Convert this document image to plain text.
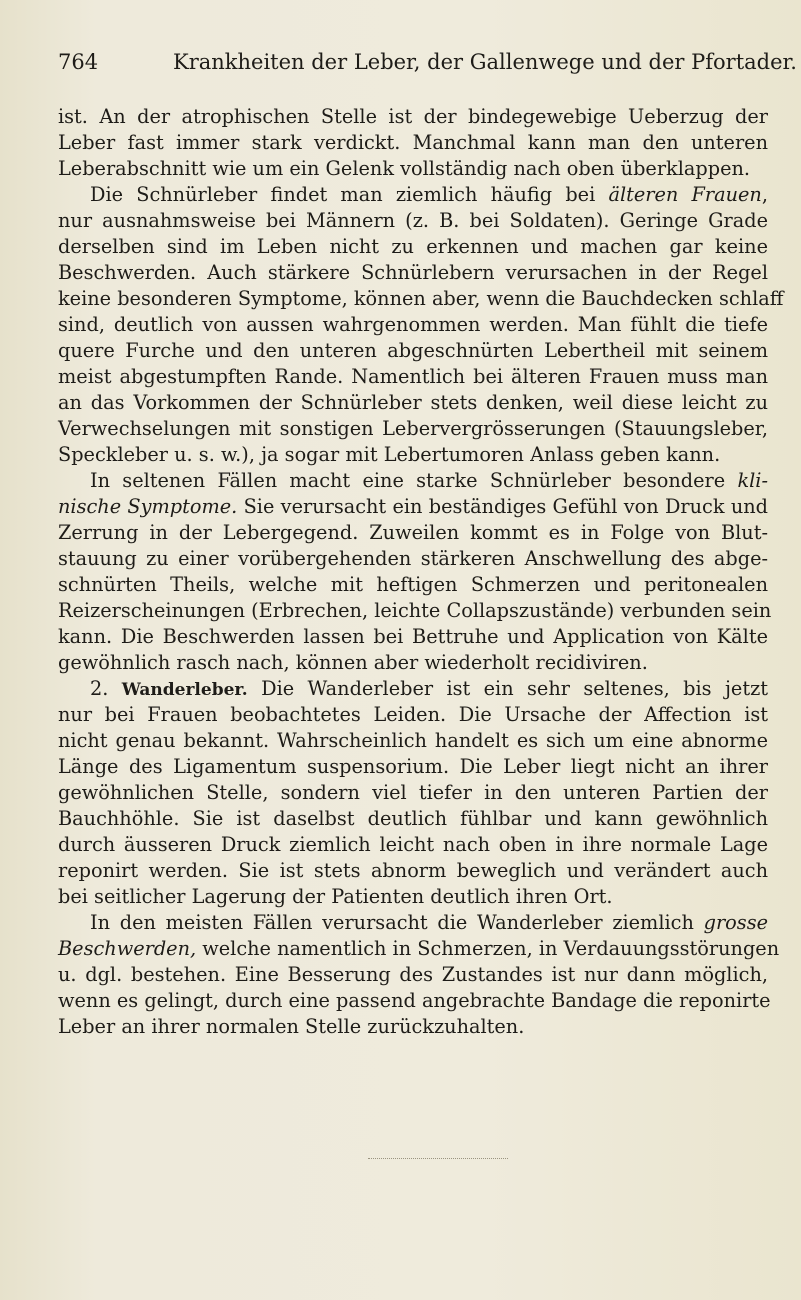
764	Krankheiten der Leber, der Gallenwege und der Pfortader.
ist. An der atrophischen Stelle ist der bindegewebige Ueberzug der
Leber fast immer stark verdickt. Manchmal kann man den unteren
Leberabschnitt wie um ein Gelenk vollständig nach oben überklappen.
Die Schnürleber findet man ziemlich häufig bei älteren Frauen,
nur ausnahmsweise bei Männern (z. B. bei Soldaten). Geringe Grade
derselben sind im Leben nicht zu erkennen und machen gar keine
Beschwerden. Auch stärkere Schnürlebern verursachen in der Regel
keine besonderen Symptome, können aber, wenn die Bauchdecken schlaff
sind, deutlich von aussen wahrgenommen werden. Man fühlt die tiefe
quere Furche und den unteren abgeschnürten Lebertheil mit seinem
meist abgestumpften Rande. Namentlich bei älteren Frauen muss man
an das Vorkommen der Schnürleber stets denken, weil diese leicht zu
Verwechselungen mit sonstigen Lebervergrösserungen (Stauungsleber,
Speckleber u. s. w.), ja sogar mit Lebertumoren Anlass geben kann.
In seltenen Fällen macht eine starke Schnürleber besondere kli-
nische Symptome. Sie verursacht ein beständiges Gefühl von Druck und
Zerrung in der Lebergegend. Zuweilen kommt es in Folge von Blut-
stauung zu einer vorübergehenden stärkeren Anschwellung des abge-
schnürten Theils, welche mit heftigen Schmerzen und peritonealen
Reizerscheinungen (Erbrechen, leichte Collapszustände) verbunden sein
kann. Die Beschwerden lassen bei Bettruhe und Application von Kälte
gewöhnlich rasch nach, können aber wiederholt recidiviren.
2. Wanderleber. Die Wanderleber ist ein sehr seltenes, bis jetzt
nur bei Frauen beobachtetes Leiden. Die Ursache der Affection ist
nicht genau bekannt. Wahrscheinlich handelt es sich um eine abnorme
Länge des Ligamentum suspensorium. Die Leber liegt nicht an ihrer
gewöhnlichen Stelle, sondern viel tiefer in den unteren Partien der
Bauchhöhle. Sie ist daselbst deutlich fühlbar und kann gewöhnlich
durch äusseren Druck ziemlich leicht nach oben in ihre normale Lage
reponirt werden. Sie ist stets abnorm beweglich und verändert auch
bei seitlicher Lagerung der Patienten deutlich ihren Ort.
In den meisten Fällen verursacht die Wanderleber ziemlich grosse
Beschwerden, welche namentlich in Schmerzen, in Verdauungsstörungen
u. dgl. bestehen. Eine Besserung des Zustandes ist nur dann möglich,
wenn es gelingt, durch eine passend angebrachte Bandage die reponirte
Leber an ihrer normalen Stelle zurückzuhalten.
